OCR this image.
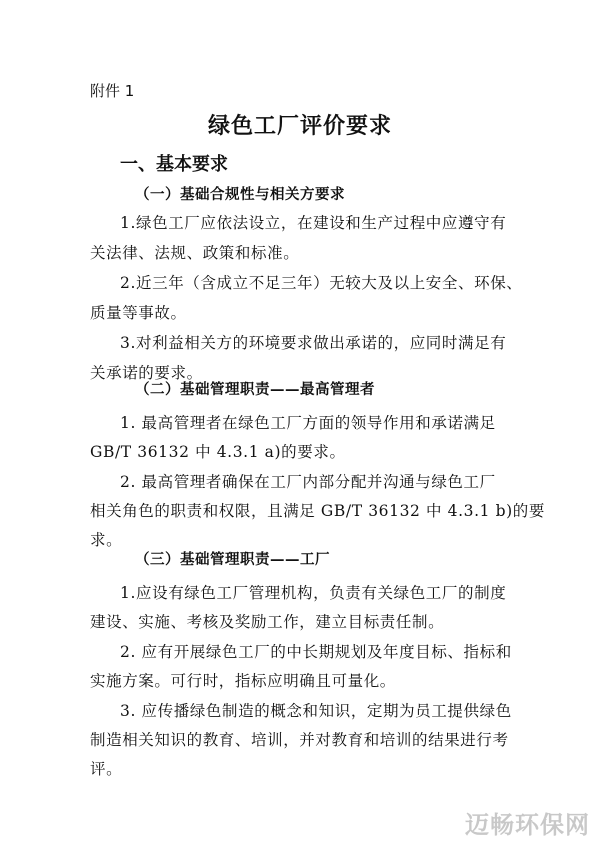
附件 1
绿色工厂评价要求
一、基本要求
（一）基础合规性与相关方要求
1.绿色工厂应依法设立，在建设和生产过程中应遵守有
关法律、法规、政策和标准。
2.近三年（含成立不足三年）无较大及以上安全、环保、
质量等事故。
3.对利益相关方的环境要求做出承诺的，应同时满足有
关承诺的要求。
（二）基础管理职责——最高管理者
1. 最高管理者在绿色工厂方面的领导作用和承诺满足
GB/T 36132 中 4.3.1 a)的要求。
2. 最高管理者确保在工厂内部分配并沟通与绿色工厂
相关角色的职责和权限，且满足 GB/T 36132 中 4.3.1 b)的要
求。
（三）基础管理职责——工厂
1.应设有绿色工厂管理机构，负责有关绿色工厂的制度
建设、实施、考核及奖励工作，建立目标责任制。
2. 应有开展绿色工厂的中长期规划及年度目标、指标和
实施方案。可行时，指标应明确且可量化。
3. 应传播绿色制造的概念和知识，定期为员工提供绿色
制造相关知识的教育、培训，并对教育和培训的结果进行考
评。
迈畅环保网
